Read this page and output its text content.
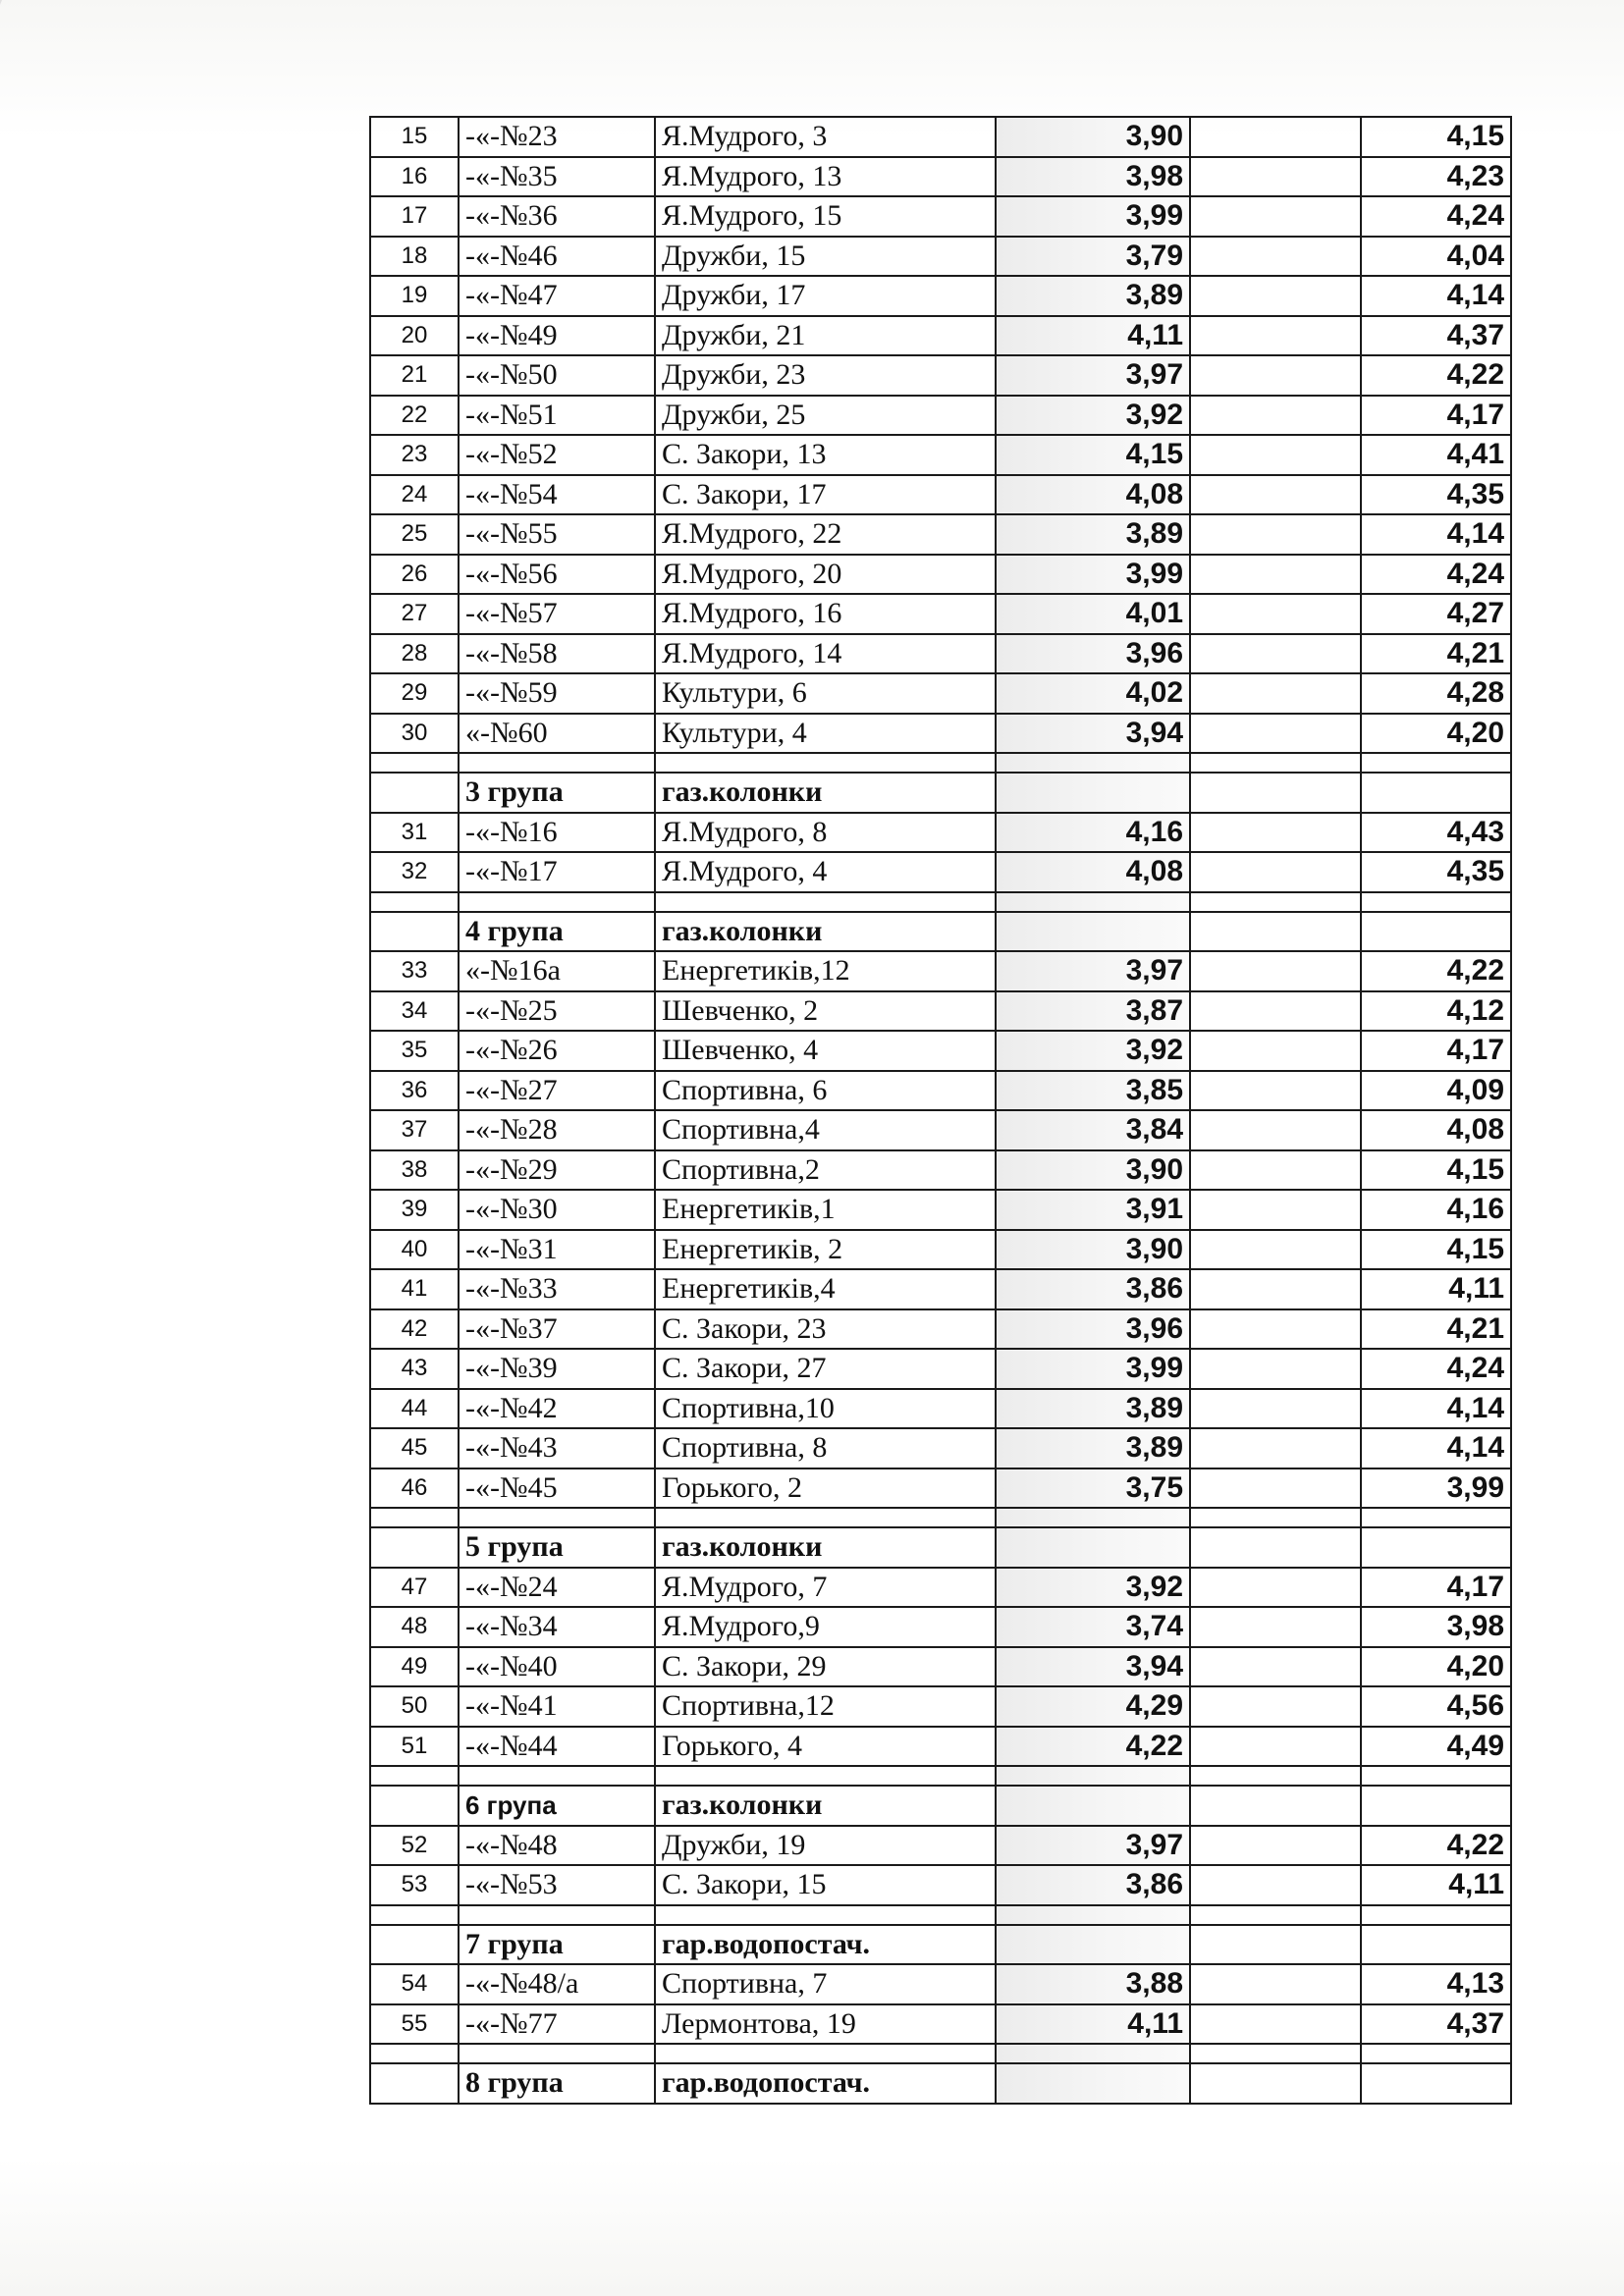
15	-«-№23	Я.Мудрого, 3	3,90		4,15
16	-«-№35	Я.Мудрого, 13	3,98		4,23
17	-«-№36	Я.Мудрого, 15	3,99		4,24
18	-«-№46	Дружби, 15	3,79		4,04
19	-«-№47	Дружби, 17	3,89		4,14
20	-«-№49	Дружби, 21	4,11		4,37
21	-«-№50	Дружби, 23	3,97		4,22
22	-«-№51	Дружби, 25	3,92		4,17
23	-«-№52	С. Закори, 13	4,15		4,41
24	-«-№54	С. Закори, 17	4,08		4,35
25	-«-№55	Я.Мудрого, 22	3,89		4,14
26	-«-№56	Я.Мудрого, 20	3,99		4,24
27	-«-№57	Я.Мудрого, 16	4,01		4,27
28	-«-№58	Я.Мудрого, 14	3,96		4,21
29	-«-№59	Культури, 6	4,02		4,28
30	«-№60	Культури, 4	3,94		4,20

	3 група	газ.колонки			
31	-«-№16	Я.Мудрого, 8	4,16		4,43
32	-«-№17	Я.Мудрого, 4	4,08		4,35

	4 група	газ.колонки			
33	«-№16а	Енергетиків,12	3,97		4,22
34	-«-№25	Шевченко, 2	3,87		4,12
35	-«-№26	Шевченко, 4	3,92		4,17
36	-«-№27	Спортивна, 6	3,85		4,09
37	-«-№28	Спортивна,4	3,84		4,08
38	-«-№29	Спортивна,2	3,90		4,15
39	-«-№30	Енергетиків,1	3,91		4,16
40	-«-№31	Енергетиків, 2	3,90		4,15
41	-«-№33	Енергетиків,4	3,86		4,11
42	-«-№37	С. Закори, 23	3,96		4,21
43	-«-№39	С. Закори, 27	3,99		4,24
44	-«-№42	Спортивна,10	3,89		4,14
45	-«-№43	Спортивна, 8	3,89		4,14
46	-«-№45	Горького, 2	3,75		3,99

	5 група	газ.колонки			
47	-«-№24	Я.Мудрого, 7	3,92		4,17
48	-«-№34	Я.Мудрого,9	3,74		3,98
49	-«-№40	С. Закори, 29	3,94		4,20
50	-«-№41	Спортивна,12	4,29		4,56
51	-«-№44	Горького, 4	4,22		4,49

	6 група	газ.колонки			
52	-«-№48	Дружби, 19	3,97		4,22
53	-«-№53	С. Закори, 15	3,86		4,11

	7 група	гар.водопостач.			
54	-«-№48/а	Спортивна, 7	3,88		4,13
55	-«-№77	Лермонтова, 19	4,11		4,37

	8 група	гар.водопостач.			
